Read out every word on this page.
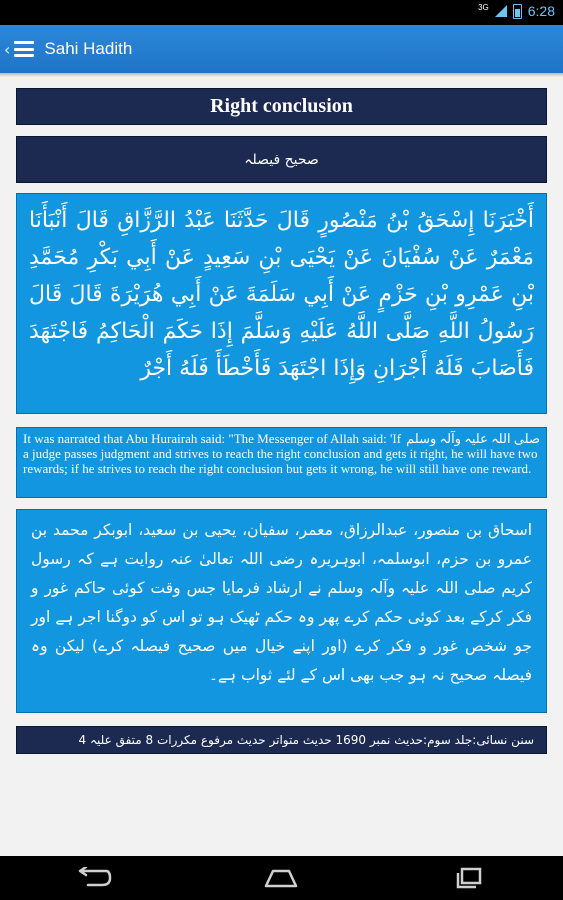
3G	6:28
‹ Sahi Hadith
Right conclusion
صحیح فیصلہ
أَخْبَرَنَا إِسْحَقُ بْنُ مَنْصُورٍ قَالَ حَدَّثَنَا عَبْدُ الرَّزَّاقِ قَالَ أَنْبَأَنَا مَعْمَرٌ عَنْ سُفْيَانَ عَنْ يَحْيَى بْنِ سَعِيدٍ عَنْ أَبِي بَكْرِ مُحَمَّدِ بْنِ عَمْرِو بْنِ حَزْمٍ عَنْ أَبِي سَلَمَةَ عَنْ أَبِي هُرَيْرَةَ قَالَ قَالَ رَسُولُ اللَّهِ صَلَّى اللَّهُ عَلَيْهِ وَسَلَّمَ إِذَا حَكَمَ الْحَاكِمُ فَاجْتَهَدَ فَأَصَابَ فَلَهُ أَجْرَانِ وَإِذَا اجْتَهَدَ فَأَخْطَأَ فَلَهُ أَجْرٌ
It was narrated that Abu Hurairah said: "The Messenger of Allah	صلی اللہ علیہ وآلہ وسلم
said: 'If a judge passes judgment and strives to reach the right conclusion and gets it right, he will have two rewards; if he strives to reach the right conclusion but gets it wrong, he will still have one reward.
اسحاق بن منصور، عبدالرزاق، معمر، سفیان، یحیی بن سعید، ابوبکر محمد بن عمرو بن حزم، ابوسلمہ، ابوہریرہ رضی اللہ تعالیٰ عنہ روایت ہے کہ رسول کریم صلی اللہ علیہ وآلہ وسلم نے ارشاد فرمایا جس وقت کوئی حاکم غور و فکر کرکے بعد کوئی حکم کرے پھر وہ حکم ٹھیک ہو تو اس کو دوگنا اجر ہے اور جو شخص غور و فکر کرے (اور اپنے خیال میں صحیح فیصلہ کرے) لیکن وہ فیصلہ صحیح نہ ہو جب بھی اس کے لئے ثواب ہے۔
سنن نسائی:جلد سوم:حدیث نمبر 1690 حدیث متواتر حدیث مرفوع مکررات 8 متفق علیہ 4
